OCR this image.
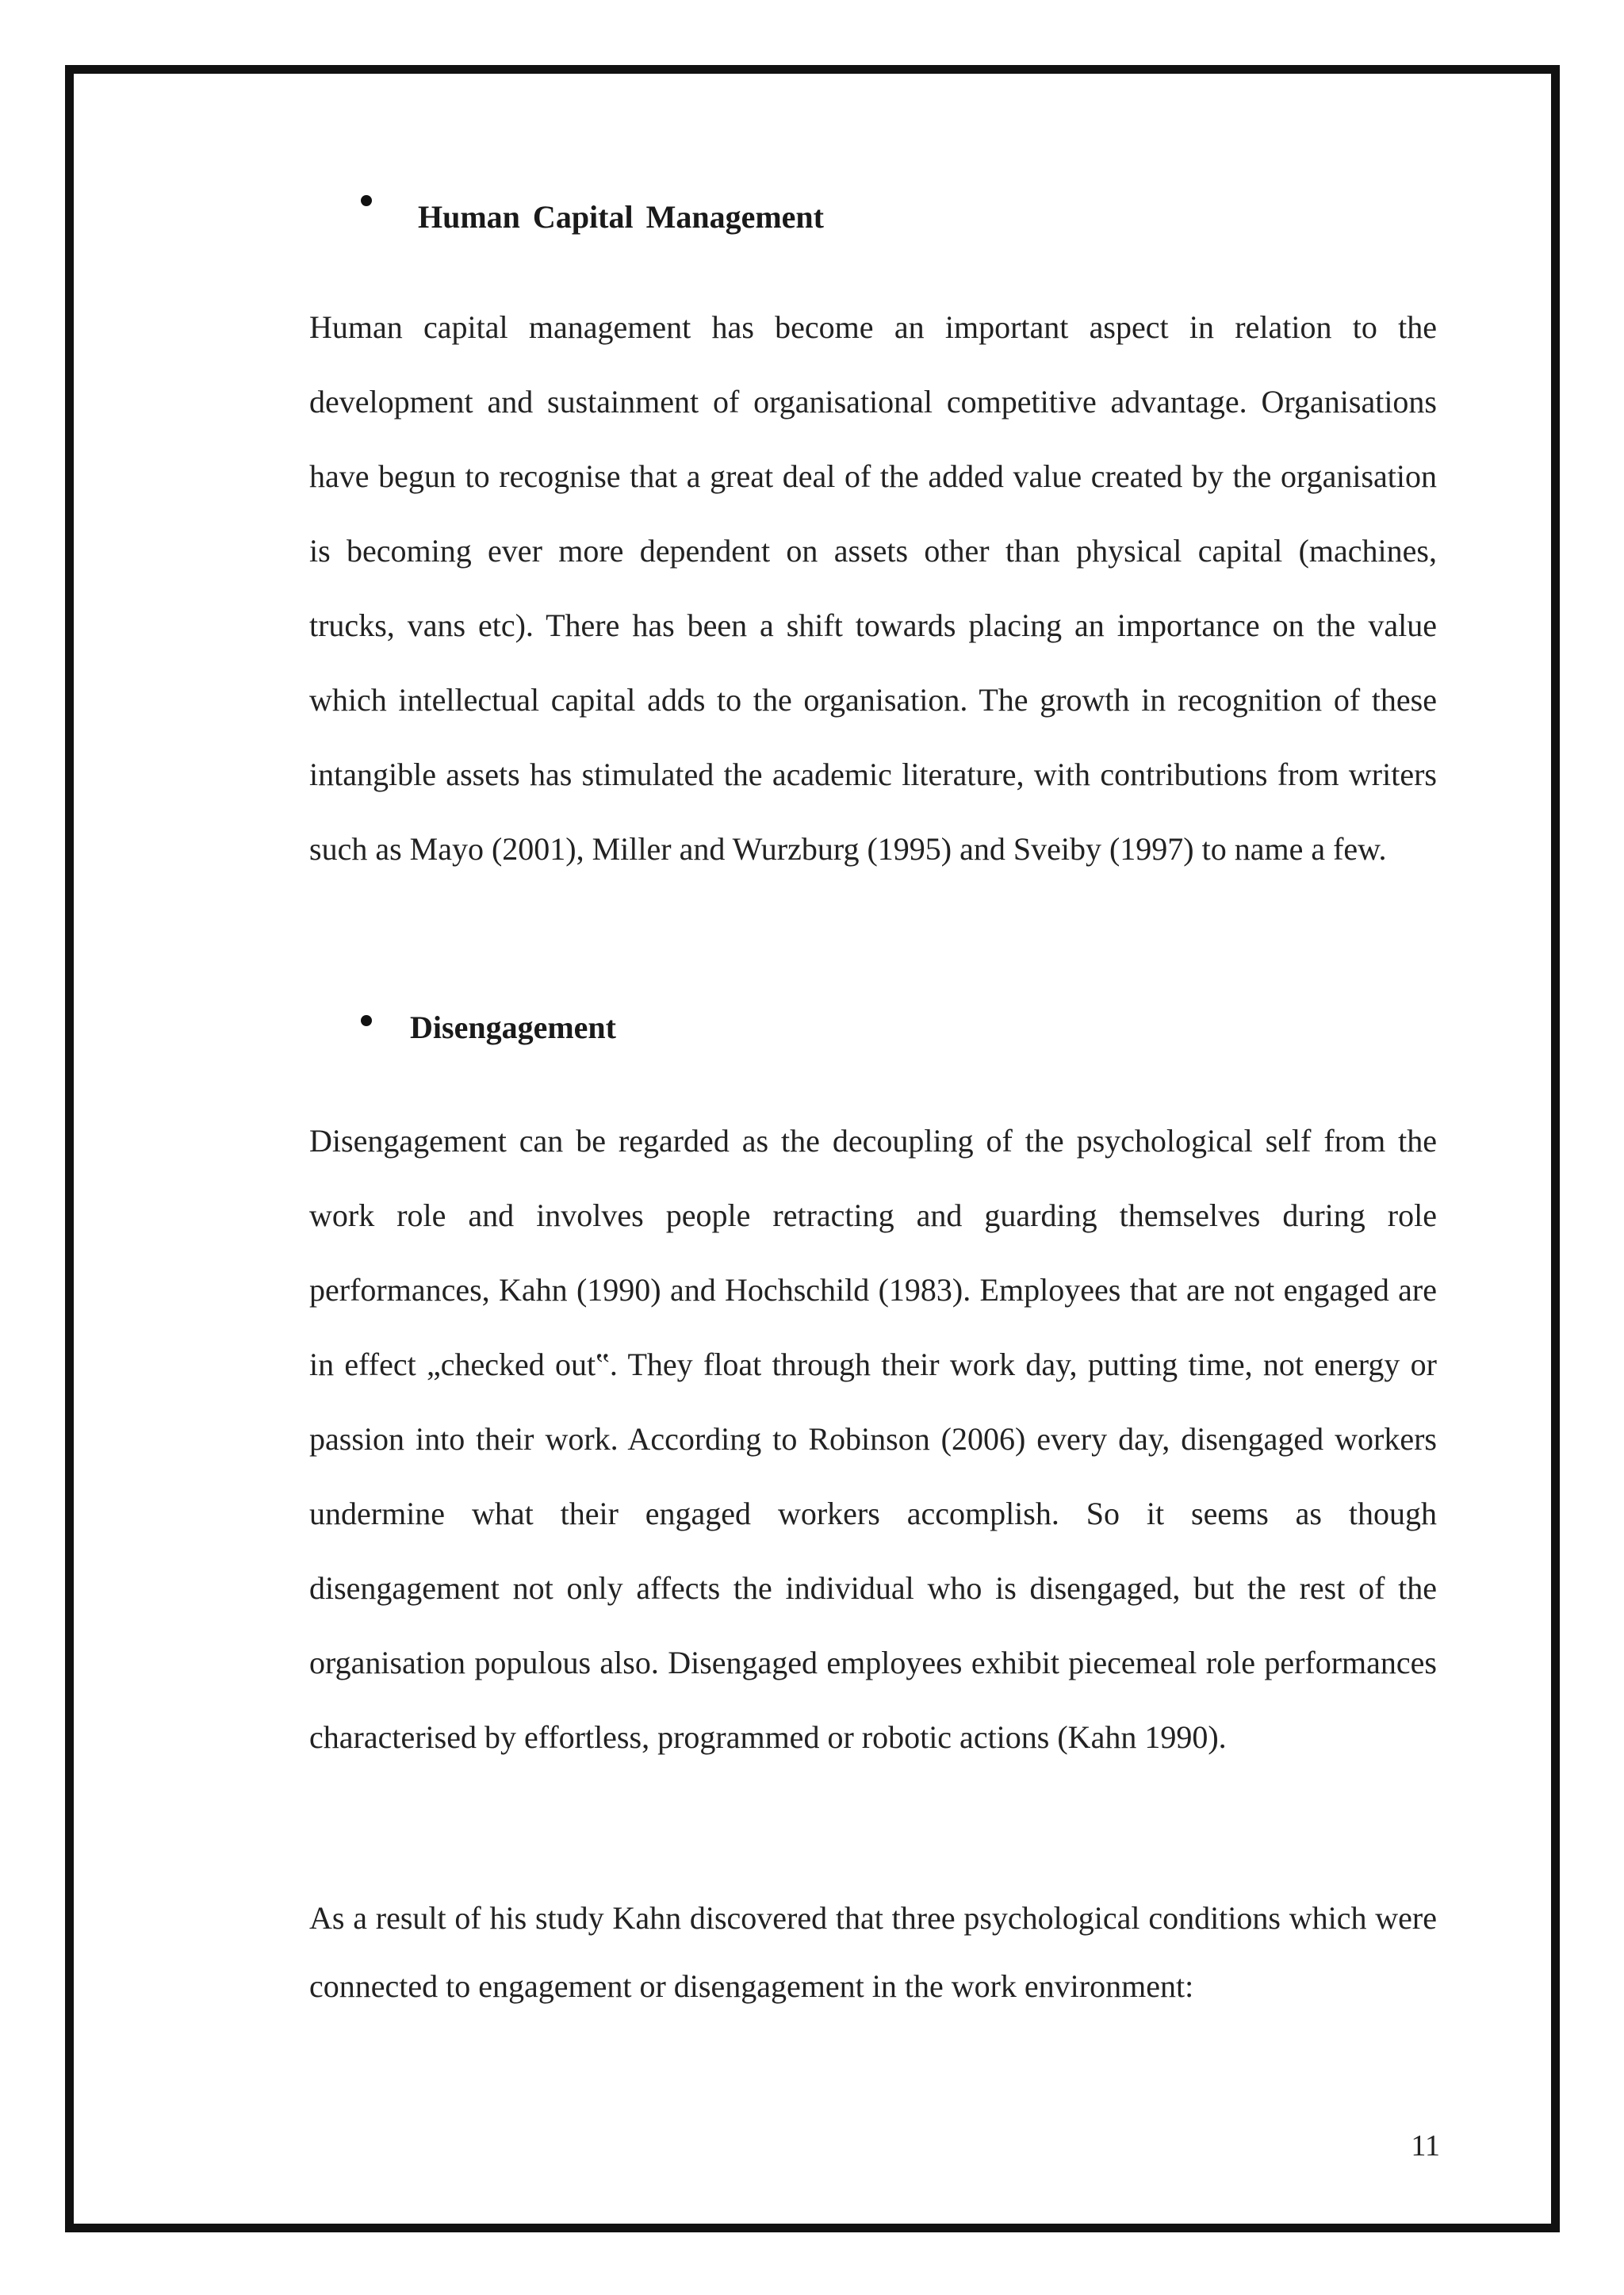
Human Capital Management

Human capital management has become an important aspect in relation to the development and sustainment of organisational competitive advantage. Organisations have begun to recognise that a great deal of the added value created by the organisation is becoming ever more dependent on assets other than physical capital (machines, trucks, vans etc). There has been a shift towards placing an importance on the value which intellectual capital adds to the organisation. The growth in recognition of these intangible assets has stimulated the academic literature, with contributions from writers such as Mayo (2001), Miller and Wurzburg (1995) and Sveiby (1997) to name a few.

Disengagement

Disengagement can be regarded as the decoupling of the psychological self from the work role and involves people retracting and guarding themselves during role performances, Kahn (1990) and Hochschild (1983). Employees that are not engaged are in effect „checked out‟. They float through their work day, putting time, not energy or passion into their work. According to Robinson (2006) every day, disengaged workers undermine what their engaged workers accomplish. So it seems as though disengagement not only affects the individual who is disengaged, but the rest of the organisation populous also. Disengaged employees exhibit piecemeal role performances characterised by effortless, programmed or robotic actions (Kahn 1990).

As a result of his study Kahn discovered that three psychological conditions which were connected to engagement or disengagement in the work environment:

11
